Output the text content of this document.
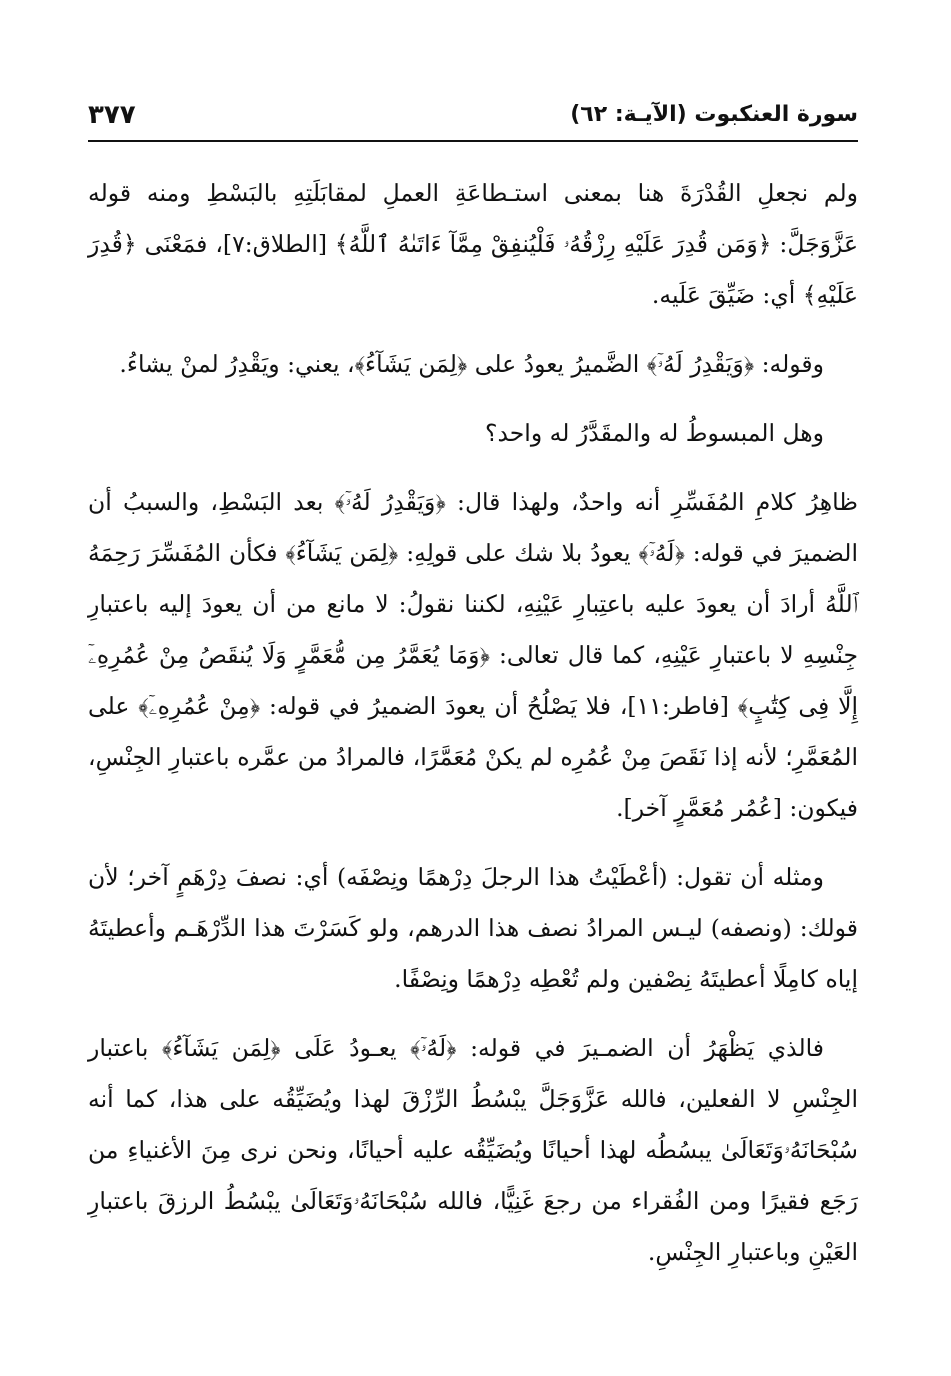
سورة العنكبوت (الآيـة: ٦٢)
٣٧٧

ولم نجعلِ القُدْرَةَ هنا بمعنى استـطاعَةِ العملِ لمقابَلَتِهِ بالبَسْطِ ومنه قوله عَزَّوَجَلَّ: ﴿وَمَن قُدِرَ عَلَيْهِ رِزْقُهُۥ فَلْيُنفِقْ مِمَّآ ءَاتَىٰهُ ٱللَّهُ﴾ [الطلاق:٧]، فمَعْنَى ﴿قُدِرَ عَلَيْهِ﴾ أي: ضَيِّقَ عَلَيه.

وقوله: ﴿وَيَقْدِرُ لَهُۥٓ﴾ الضَّميرُ يعودُ على ﴿لِمَن يَشَآءُ﴾، يعني: ويَقْدِرُ لمنْ يشاءُ.

وهل المبسوطُ له والمقَدَّرُ له واحد؟

ظاهِرُ كلامِ المُفَسِّرِ أنه واحدٌ، ولهذا قال: ﴿وَيَقْدِرُ لَهُۥٓ﴾ بعد البَسْطِ، والسببُ أن الضميرَ في قوله: ﴿لَهُۥٓ﴾ يعودُ بلا شك على قولِهِ: ﴿لِمَن يَشَآءُ﴾ فكأن المُفَسِّرَ رَحِمَهُ ٱللَّهُ أرادَ أن يعودَ عليه باعتِبارِ عَيْنِهِ، لكننا نقولُ: لا مانع من أن يعودَ إليه باعتبارِ جِنْسِهِ لا باعتبارِ عَيْنِهِ، كما قال تعالى: ﴿وَمَا يُعَمَّرُ مِن مُّعَمَّرٍ وَلَا يُنقَصُ مِنْ عُمُرِهِۦٓ إِلَّا فِى كِتَٰبٍ﴾ [فاطر:١١]، فلا يَصْلُحُ أن يعودَ الضميرُ في قوله: ﴿مِنْ عُمُرِهِۦٓ﴾ على المُعَمَّرِ؛ لأنه إذا نَقَصَ مِنْ عُمُرِه لم يكنْ مُعَمَّرًا، فالمرادُ من عمَّره باعتبارِ الجِنْسِ، فيكون: [عُمُر مُعَمَّرٍ آخر].

ومثله أن تقول: (أعْطَيْتُ هذا الرجلَ دِرْهمًا ونِصْفَه) أي: نصفَ دِرْهَمٍ آخر؛ لأن قولك: (ونصفه) ليـس المرادُ نصف هذا الدرهم، ولو كَسَرْتَ هذا الدِّرْهَـم وأعطيتَهُ إياه كامِلًا أعطيتَهُ نِصْفين ولم تُعْطِه دِرْهمًا ونِصْفًا.

فالذي يَظْهَرُ أن الضمـيرَ في قوله: ﴿لَهُۥٓ﴾ يعـودُ عَلَى ﴿لِمَن يَشَآءُ﴾ باعتبار الجِنْسِ لا الفعلين، فالله عَزَّوَجَلَّ يبْسُطُ الرِّزْقَ لهذا ويُضَيِّقُه على هذا، كما أنه سُبْحَانَهُۥوَتَعَالَىٰ يبسُطُه لهذا أحيانًا ويُضَيِّقُه عليه أحيانًا، ونحن نرى مِنَ الأغنياءِ من رَجَع فقيرًا ومن الفُقراء من رجعَ غَنِيًّا، فالله سُبْحَانَهُۥوَتَعَالَىٰ يبْسُطُ الرزقَ باعتبارِ العَيْنِ وباعتبارِ الجِنْسِ.
